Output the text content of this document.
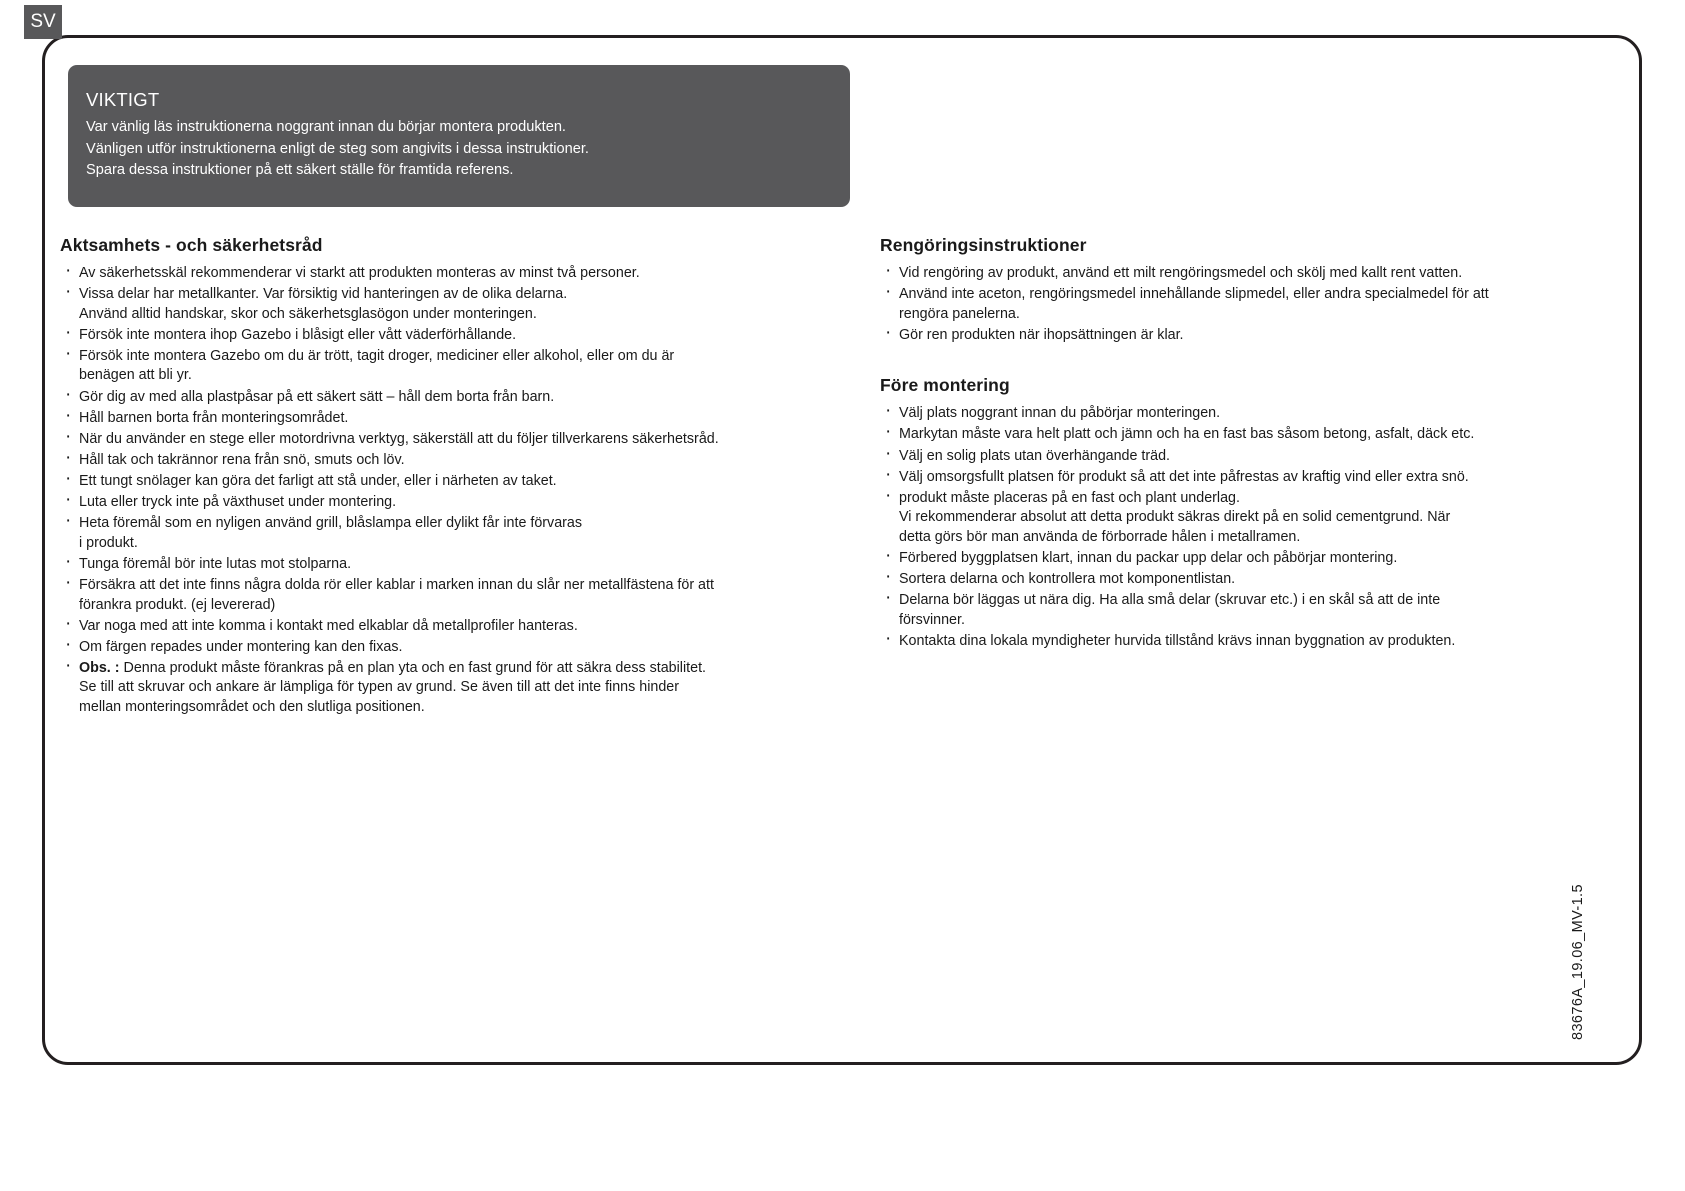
SV
VIKTIGT
Var vänlig läs instruktionerna noggrant innan du börjar montera produkten.
Vänligen utför instruktionerna enligt de steg som angivits i dessa instruktioner.
Spara dessa instruktioner på ett säkert ställe för framtida referens.
Aktsamhets - och säkerhetsråd
· Av säkerhetsskäl rekommenderar vi starkt att produkten monteras av minst två personer.
· Vissa delar har metallkanter. Var försiktig vid hanteringen av de olika delarna.
Använd alltid handskar, skor och säkerhetsglasögon under monteringen.
· Försök inte montera ihop Gazebo i blåsigt eller vått väderförhållande.
· Försök inte montera Gazebo om du är trött, tagit droger, mediciner eller alkohol, eller om du är
benägen att bli yr.
· Gör dig av med alla plastpåsar på ett säkert sätt – håll dem borta från barn.
· Håll barnen borta från monteringsområdet.
· När du använder en stege eller motordrivna verktyg, säkerställ att du följer tillverkarens säkerhetsråd.
· Håll tak och takrännor rena från snö, smuts och löv.
· Ett tungt snölager kan göra det farligt att stå under, eller i närheten av taket.
· Luta eller tryck inte på växthuset under montering.
· Heta föremål som en nyligen använd grill, blåslampa eller dylikt får inte förvaras
i produkt.
· Tunga föremål bör inte lutas mot stolparna.
· Försäkra att det inte finns några dolda rör eller kablar i marken innan du slår ner metallfästena för att
förankra produkt. (ej levererad)
· Var noga med att inte komma i kontakt med elkablar då metallprofiler hanteras.
· Om färgen repades under montering kan den fixas.
· Obs. : Denna produkt måste förankras på en plan yta och en fast grund för att säkra dess stabilitet.
Se till att skruvar och ankare är lämpliga för typen av grund. Se även till att det inte finns hinder
mellan monteringsområdet och den slutliga positionen.
Rengöringsinstruktioner
· Vid rengöring av produkt, använd ett milt rengöringsmedel och skölj med kallt rent vatten.
· Använd inte aceton, rengöringsmedel innehållande slipmedel, eller andra specialmedel för att
rengöra panelerna.
· Gör ren produkten när ihopsättningen är klar.
Före montering
· Välj plats noggrant innan du påbörjar monteringen.
· Markytan måste vara helt platt och jämn och ha en fast bas såsom betong, asfalt, däck etc.
· Välj en solig plats utan överhängande träd.
· Välj omsorgsfullt platsen för produkt så att det inte påfrestas av kraftig vind eller extra snö.
· produkt måste placeras på en fast och plant underlag.
Vi rekommenderar absolut att detta produkt säkras direkt på en solid cementgrund. När
detta görs bör man använda de förborrade hålen i metallramen.
· Förbered byggplatsen klart, innan du packar upp delar och påbörjar montering.
· Sortera delarna och kontrollera mot komponentlistan.
· Delarna bör läggas ut nära dig. Ha alla små delar (skruvar etc.) i en skål så att de inte
försvinner.
· Kontakta dina lokala myndigheter hurvida tillstånd krävs innan byggnation av produkten.
83676A_19.06_MV-1.5
